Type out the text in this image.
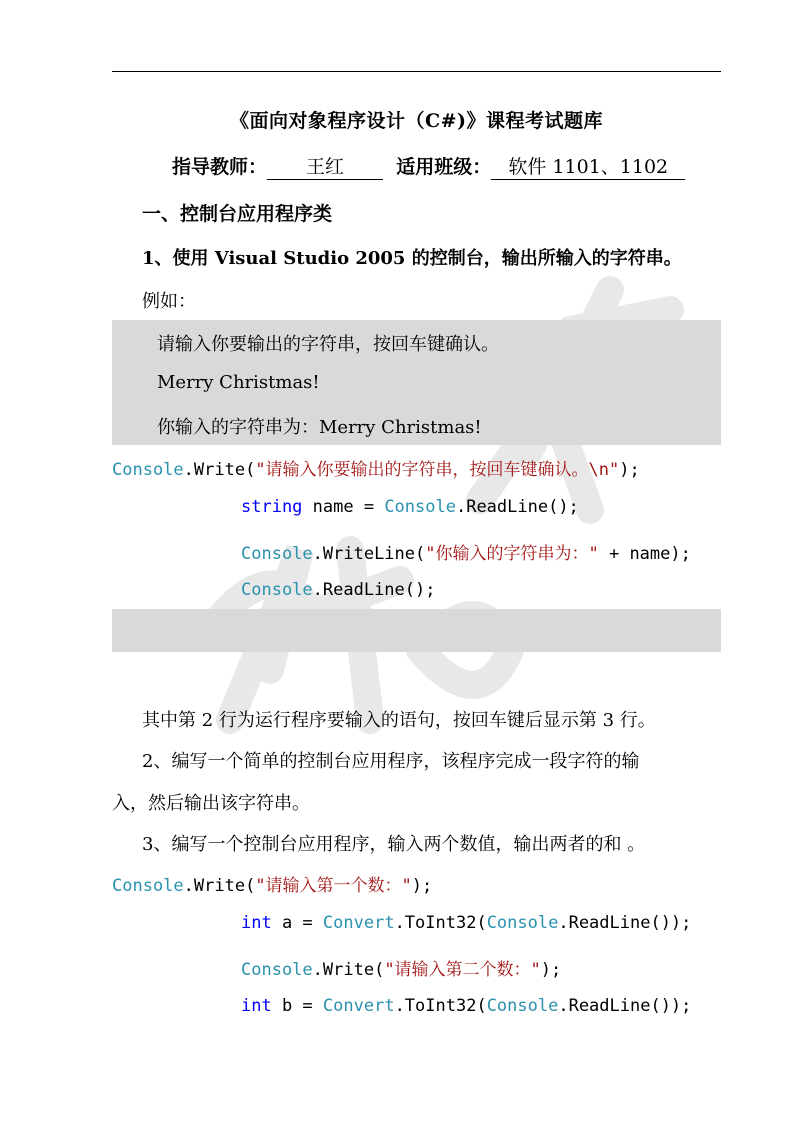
《面向对象程序设计（C#)》课程考试题库
指导教师： 王红	适用班级： 软件 1101、1102
一、控制台应用程序类
1、使用 Visual Studio 2005 的控制台，输出所输入的字符串。
例如：
请输入你要输出的字符串，按回车键确认。
Merry Christmas!
你输入的字符串为：Merry Christmas!
Console.Write("请输入你要输出的字符串，按回车键确认。\n");
string name = Console.ReadLine();
Console.WriteLine("你输入的字符串为：" + name);
Console.ReadLine();
其中第 2 行为运行程序要输入的语句，按回车键后显示第 3 行。
2、编写一个简单的控制台应用程序，该程序完成一段字符的输
入，然后输出该字符串。
3、编写一个控制台应用程序，输入两个数值，输出两者的和 。
Console.Write("请输入第一个数：");
int a = Convert.ToInt32(Console.ReadLine());
Console.Write("请输入第二个数：");
int b = Convert.ToInt32(Console.ReadLine());
